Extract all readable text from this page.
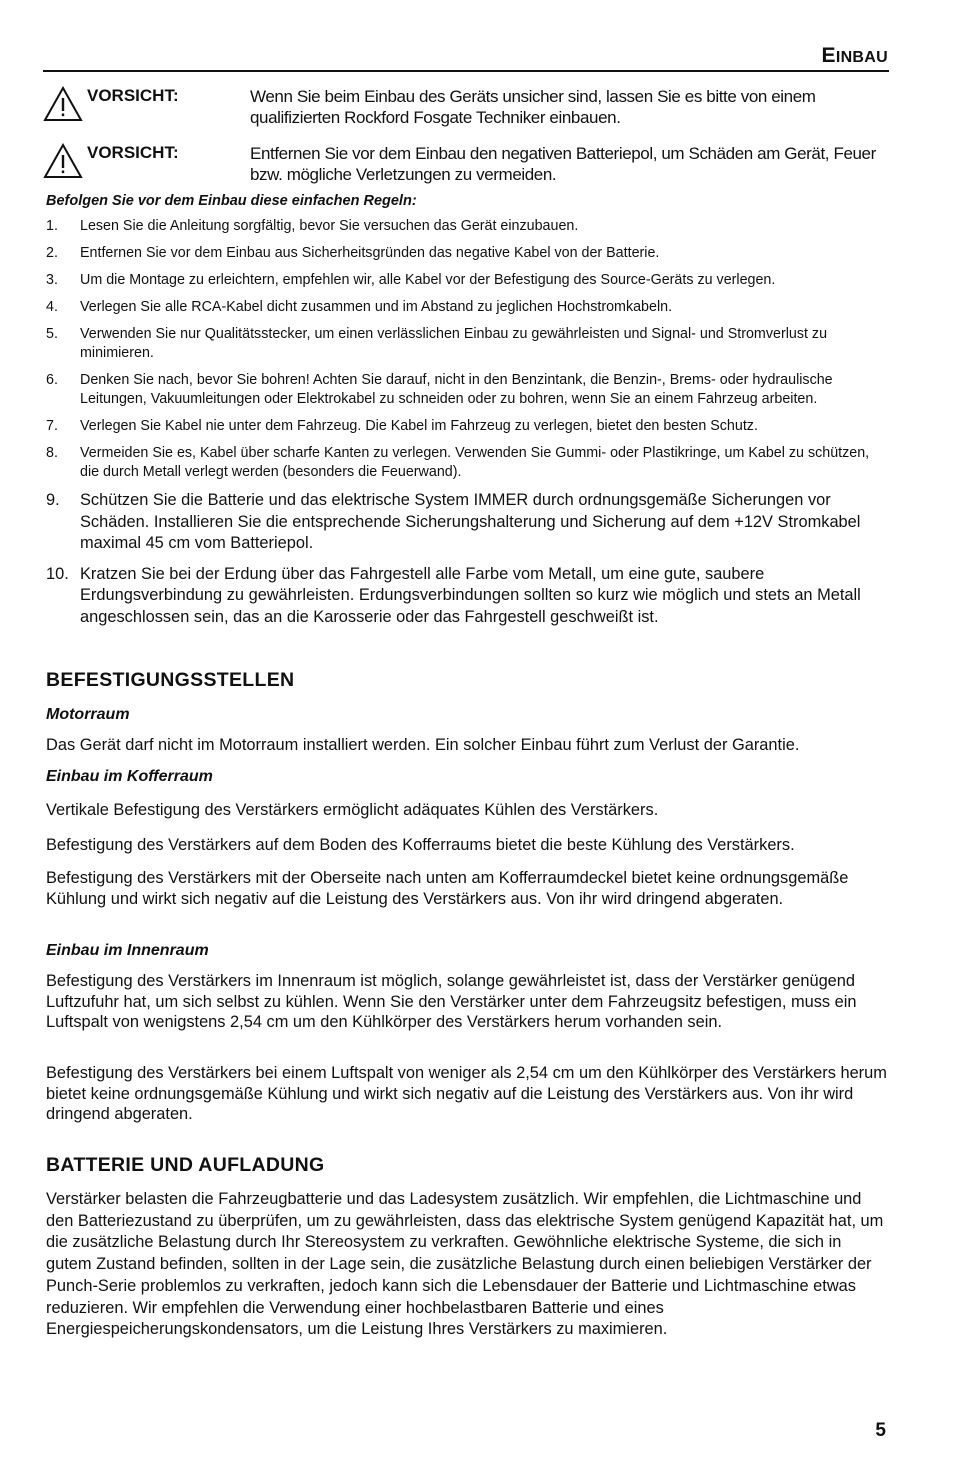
EINBAU
VORSICHT:	Wenn Sie beim Einbau des Geräts unsicher sind, lassen Sie es bitte von einem qualifizierten Rockford Fosgate Techniker einbauen.
VORSICHT:	Entfernen Sie vor dem Einbau den negativen Batteriepol, um Schäden am Gerät, Feuer bzw. mögliche Verletzungen zu vermeiden.
Befolgen Sie vor dem Einbau diese einfachen Regeln:
1.	Lesen Sie die Anleitung sorgfältig, bevor Sie versuchen das Gerät einzubauen.
2.	Entfernen Sie vor dem Einbau aus Sicherheitsgründen das negative Kabel von der Batterie.
3.	Um die Montage zu erleichtern, empfehlen wir, alle Kabel vor der Befestigung des Source-Geräts zu verlegen.
4.	Verlegen Sie alle RCA-Kabel dicht zusammen und im Abstand zu jeglichen Hochstromkabeln.
5.	Verwenden Sie nur Qualitätsstecker, um einen verlässlichen Einbau zu gewährleisten und Signal- und Stromverlust zu minimieren.
6.	Denken Sie nach, bevor Sie bohren! Achten Sie darauf, nicht in den Benzintank, die Benzin-, Brems- oder hydraulische Leitungen, Vakuumleitungen oder Elektrokabel zu schneiden oder zu bohren, wenn Sie an einem Fahrzeug arbeiten.
7.	Verlegen Sie Kabel nie unter dem Fahrzeug. Die Kabel im Fahrzeug zu verlegen, bietet den besten Schutz.
8.	Vermeiden Sie es, Kabel über scharfe Kanten zu verlegen. Verwenden Sie Gummi- oder Plastikringe, um Kabel zu schützen, die durch Metall verlegt werden (besonders die Feuerwand).
9.	Schützen Sie die Batterie und das elektrische System IMMER durch ordnungsgemäße Sicherungen vor Schäden. Installieren Sie die entsprechende Sicherungshalterung und Sicherung auf dem +12V Stromkabel maximal 45 cm vom Batteriepol.
10. Kratzen Sie bei der Erdung über das Fahrgestell alle Farbe vom Metall, um eine gute, saubere Erdungsverbindung zu gewährleisten. Erdungsverbindungen sollten so kurz wie möglich und stets an Metall angeschlossen sein, das an die Karosserie oder das Fahrgestell geschweißt ist.
BEFESTIGUNGSSTELLEN
Motorraum
Das Gerät darf nicht im Motorraum installiert werden. Ein solcher Einbau führt zum Verlust der Garantie.
Einbau im Kofferraum
Vertikale Befestigung des Verstärkers ermöglicht adäquates Kühlen des Verstärkers.
Befestigung des Verstärkers auf dem Boden des Kofferraums bietet die beste Kühlung des Verstärkers.
Befestigung des Verstärkers mit der Oberseite nach unten am Kofferraumdeckel bietet keine ordnungsgemäße Kühlung und wirkt sich negativ auf die Leistung des Verstärkers aus. Von ihr wird dringend abgeraten.
Einbau im Innenraum
Befestigung des Verstärkers im Innenraum ist möglich, solange gewährleistet ist, dass der Verstärker genügend Luftzufuhr hat, um sich selbst zu kühlen. Wenn Sie den Verstärker unter dem Fahrzeugsitz befestigen, muss ein Luftspalt von wenigstens 2,54 cm um den Kühlkörper des Verstärkers herum vorhanden sein.
Befestigung des Verstärkers bei einem Luftspalt von weniger als 2,54 cm um den Kühlkörper des Verstärkers herum bietet keine ordnungsgemäße Kühlung und wirkt sich negativ auf die Leistung des Verstärkers aus. Von ihr wird dringend abgeraten.
BATTERIE UND AUFLADUNG
Verstärker belasten die Fahrzeugbatterie und das Ladesystem zusätzlich. Wir empfehlen, die Lichtmaschine und den Batteriezustand zu überprüfen, um zu gewährleisten, dass das elektrische System genügend Kapazität hat, um die zusätzliche Belastung durch Ihr Stereosystem zu verkraften. Gewöhnliche elektrische Systeme, die sich in gutem Zustand befinden, sollten in der Lage sein, die zusätzliche Belastung durch einen beliebigen Verstärker der Punch-Serie problemlos zu verkraften, jedoch kann sich die Lebensdauer der Batterie und Lichtmaschine etwas reduzieren. Wir empfehlen die Verwendung einer hochbelastbaren Batterie und eines Energiespeicherungskondensators, um die Leistung Ihres Verstärkers zu maximieren.
5
